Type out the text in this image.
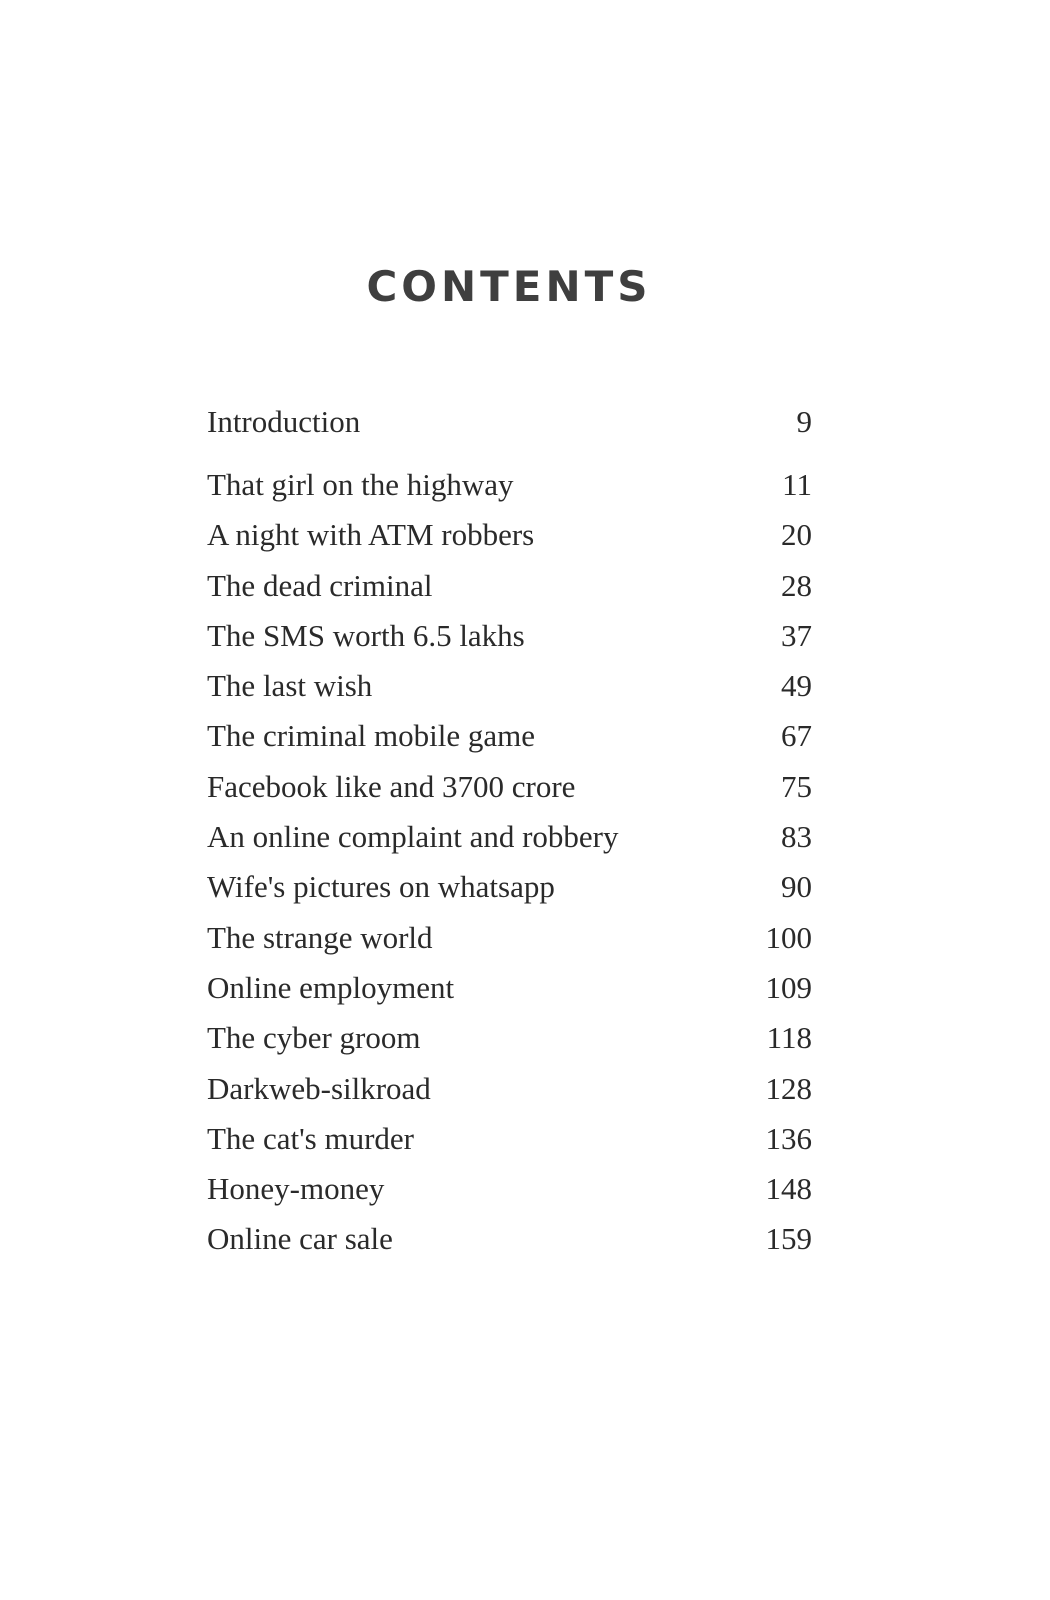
CONTENTS
Introduction	9
That girl on the highway	11
A night with ATM robbers	20
The dead criminal	28
The SMS worth 6.5 lakhs	37
The last wish	49
The criminal mobile game	67
Facebook like and 3700 crore	75
An online complaint and robbery	83
Wife's pictures on whatsapp	90
The strange world	100
Online employment	109
The cyber groom	118
Darkweb-silkroad	128
The cat's murder	136
Honey-money	148
Online car sale	159
